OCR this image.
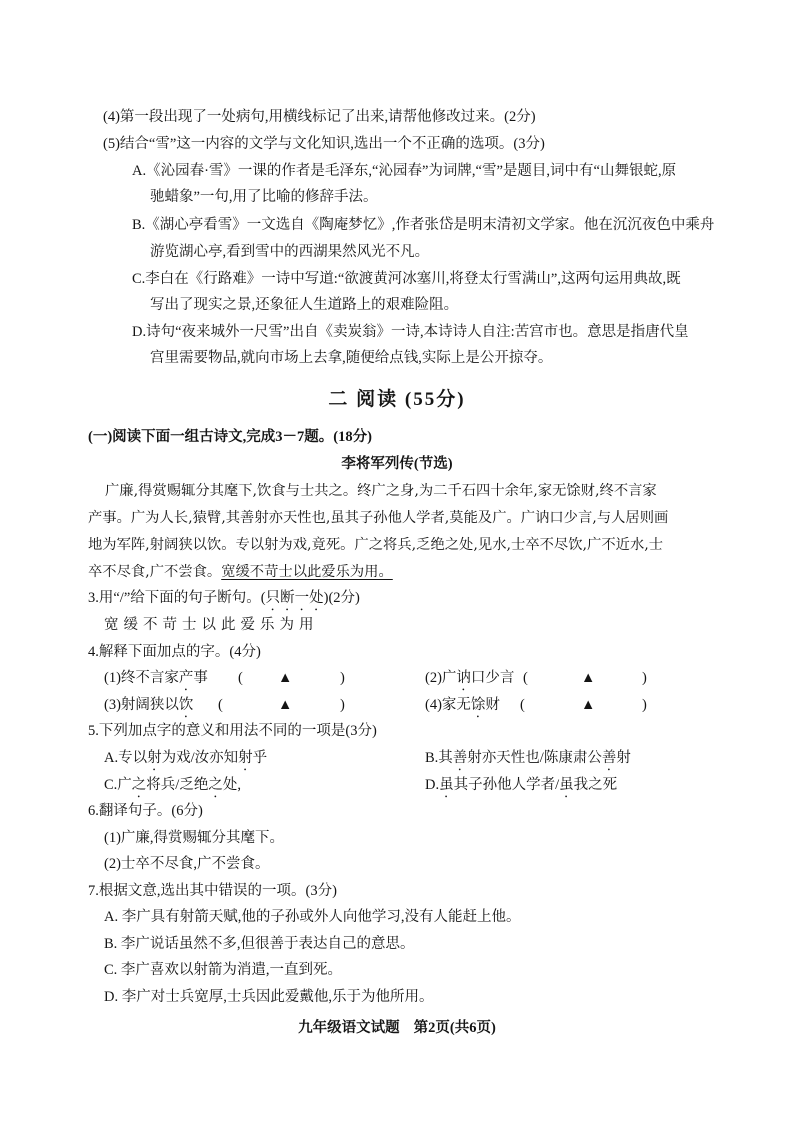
(4)第一段出现了一处病句,用横线标记了出来,请帮他修改过来。(2分)
(5)结合“雪”这一内容的文学与文化知识,选出一个不正确的选项。(3分)
A.《沁园春·雪》一课的作者是毛泽东,“沁园春”为词牌,“雪”是题目,词中有“山舞银蛇,原
驰蜡象”一句,用了比喻的修辞手法。
B.《湖心亭看雪》一文选自《陶庵梦忆》,作者张岱是明末清初文学家。他在沉沉夜色中乘舟
游览湖心亭,看到雪中的西湖果然风光不凡。
C.李白在《行路难》一诗中写道:“欲渡黄河冰塞川,将登太行雪满山”,这两句运用典故,既
写出了现实之景,还象征人生道路上的艰难险阻。
D.诗句“夜来城外一尺雪”出自《卖炭翁》一诗,本诗诗人自注:苦宫市也。意思是指唐代皇
宫里需要物品,就向市场上去拿,随便给点钱,实际上是公开掠夺。
二 阅读 (55分)
(一)阅读下面一组古诗文,完成3－7题。(18分)
李将军列传(节选)
广廉,得赏赐辄分其麾下,饮食与士共之。终广之身,为二千石四十余年,家无馀财,终不言家
产事。广为人长,猿臂,其善射亦天性也,虽其子孙他人学者,莫能及广。广讷口少言,与人居则画
地为军阵,射阔狭以饮。专以射为戏,竟死。广之将兵,乏绝之处,见水,士卒不尽饮,广不近水,士
卒不尽食,广不尝食。宽缓不苛士以此爱乐为用。
3.用“/”给下面的句子断句。(只断一处)(2分)
宽缓不苛士以此爱乐为用
4.解释下面加点的字。(4分)
(1)终不言家产事 ( ▲	)	(2)广讷口少言 (	▲	)
(3)射阔狭以饮 (	▲	)	(4)家无馀财 (	▲	)
5.下列加点字的意义和用法不同的一项是(3分)
A.专以射为戏/汝亦知射乎	B.其善射亦天性也/陈康肃公善射
C.广之将兵/乏绝之处,	D.虽其子孙他人学者/虽我之死
6.翻译句子。(6分)
(1)广廉,得赏赐辄分其麾下。
(2)士卒不尽食,广不尝食。
7.根据文意,选出其中错误的一项。(3分)
A. 李广具有射箭天赋,他的子孙或外人向他学习,没有人能赶上他。
B. 李广说话虽然不多,但很善于表达自己的意思。
C. 李广喜欢以射箭为消遣,一直到死。
D. 李广对士兵宽厚,士兵因此爱戴他,乐于为他所用。
九年级语文试题 第2页(共6页)
